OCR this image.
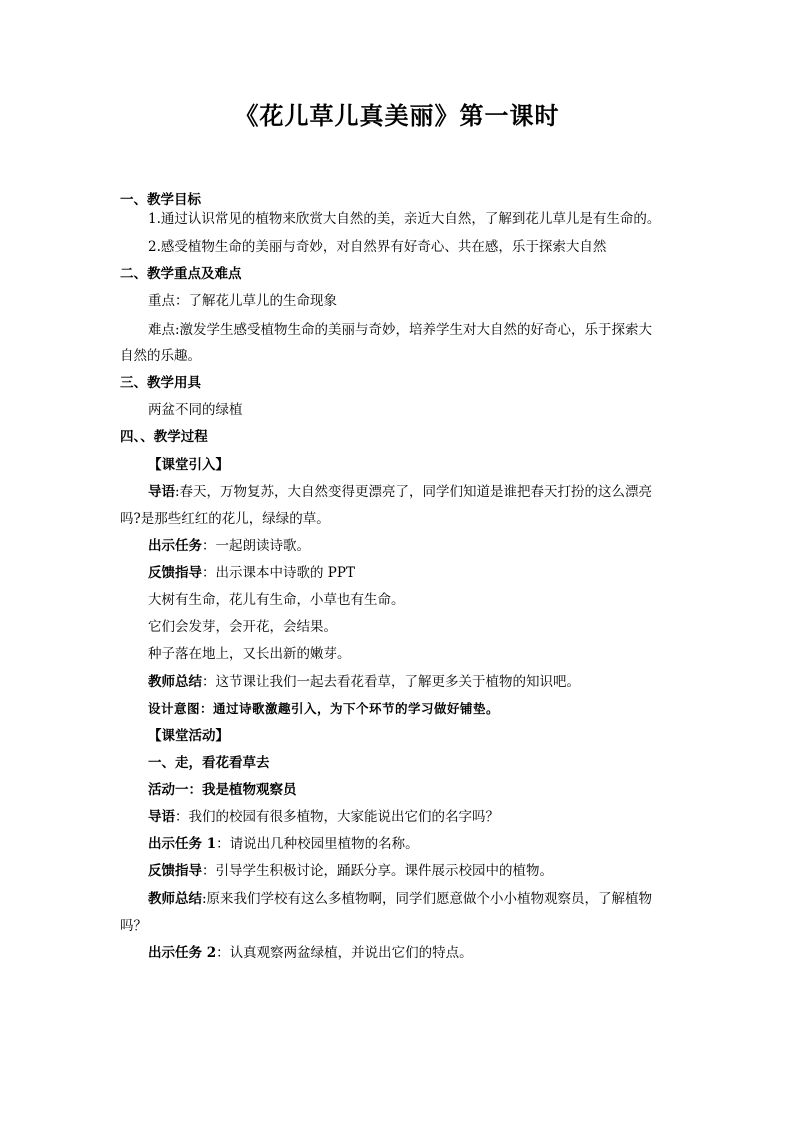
《花儿草儿真美丽》第一课时
一、教学目标
1.通过认识常见的植物来欣赏大自然的美，亲近大自然，了解到花儿草儿是有生命的。
2.感受植物生命的美丽与奇妙，对自然界有好奇心、共在感，乐于探索大自然
二、教学重点及难点
重点：了解花儿草儿的生命现象
难点:激发学生感受植物生命的美丽与奇妙，培养学生对大自然的好奇心，乐于探索大
自然的乐趣。
三、教学用具
两盆不同的绿植
四、、教学过程
【课堂引入】
导语:春天，万物复苏，大自然变得更漂亮了，同学们知道是谁把春天打扮的这么漂亮
吗?是那些红红的花儿，绿绿的草。
出示任务：一起朗读诗歌。
反馈指导：出示课本中诗歌的 PPT
大树有生命，花儿有生命，小草也有生命。
它们会发芽，会开花，会结果。
种子落在地上，又长出新的嫩芽。
教师总结：这节课让我们一起去看花看草，了解更多关于植物的知识吧。
设计意图：通过诗歌激趣引入，为下个环节的学习做好铺垫。
【课堂活动】
一、走，看花看草去
活动一：我是植物观察员
导语：我们的校园有很多植物，大家能说出它们的名字吗？
出示任务 1：请说出几种校园里植物的名称。
反馈指导：引导学生积极讨论，踊跃分享。课件展示校园中的植物。
教师总结:原来我们学校有这么多植物啊，同学们愿意做个小小植物观察员，了解植物
吗？
出示任务 2：认真观察两盆绿植，并说出它们的特点。
